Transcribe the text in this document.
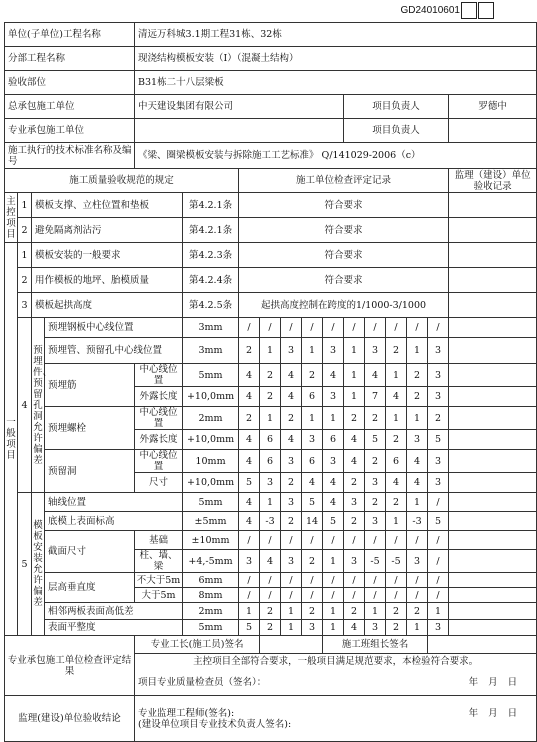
GD24010601
单位(子单位)工程名称				清远万科城3.1期工程31栋、32栋												
分部工程名称				现浇结构模板安装（Ⅰ）（混凝土结构）												
验收部位				B31栋二十八层梁板												
总承包施工单位				中天建设集团有限公司							项目负责人					罗德中
专业承包施工单位											项目负责人					
施工执行的技术标准名称及编号				《梁、圈梁模板安装与拆除施工工艺标准》 Q/141029-2006（c）												
施工质量验收规范的规定						施工单位检查评定记录										监理（建设）单位验收记录
主控项目	1	模板支撑、立柱位置和垫板			第4.2.1条	符合要求										
	2	避免隔离剂沾污			第4.2.1条	符合要求										
一般项目	1	模板安装的一般要求			第4.2.3条	符合要求										
	2	用作模板的地坪、胎模质量			第4.2.4条	符合要求										
	3	模板起拱高度			第4.2.5条	起拱高度控制在跨度的1/1000-3/1000										
	4	预埋件、预留孔洞允许偏差	预埋钢板中心线位置		3mm	/	/	/	/	/	/	/	/	/	/	
			预埋管、预留孔中心线位置		3mm	2	1	3	1	3	1	3	2	1	3	
			预埋筋	中心线位置	5mm	4	2	4	2	4	1	4	1	2	3	
				外露长度	+10,0mm	4	2	4	6	3	1	7	4	2	3	
			预埋螺栓	中心线位置	2mm	2	1	2	1	1	2	2	1	1	2	
				外露长度	+10,0mm	4	6	4	3	6	4	5	2	3	5	
			预留洞	中心线位置	10mm	4	6	3	6	3	4	2	6	4	3	
				尺寸	+10,0mm	5	3	2	4	4	2	3	4	4	3	
	5	模板安装允许偏差	轴线位置		5mm	4	1	3	5	4	3	2	2	1	/	
			底模上表面标高		±5mm	4	-3	2	14	5	2	3	1	-3	5	
			截面尺寸	基础	±10mm	/	/	/	/	/	/	/	/	/	/	
				柱、墙、梁	+4,-5mm	3	4	3	2	1	3	-5	-5	3	/	
			层高垂直度	不大于5m	6mm	/	/	/	/	/	/	/	/	/	/	
				大于5m	8mm	/	/	/	/	/	/	/	/	/	/	
			相邻两板表面高低差		2mm	1	2	1	2	1	2	1	2	2	1	
			表面平整度		5mm	5	2	1	3	1	4	3	2	1	3	
专业承包施工单位检查评定结果				专业工长(施工员)签名						施工班组长签名						
				主控项目全部符合要求，一般项目满足规范要求，本检验符合要求。												
				项目专业质量检查员（签名）： 年月日												

监理(建设)单位验收结论				年月日
专业监理工程师(签名):
(建设单位项目专业技术负责人签名):												
